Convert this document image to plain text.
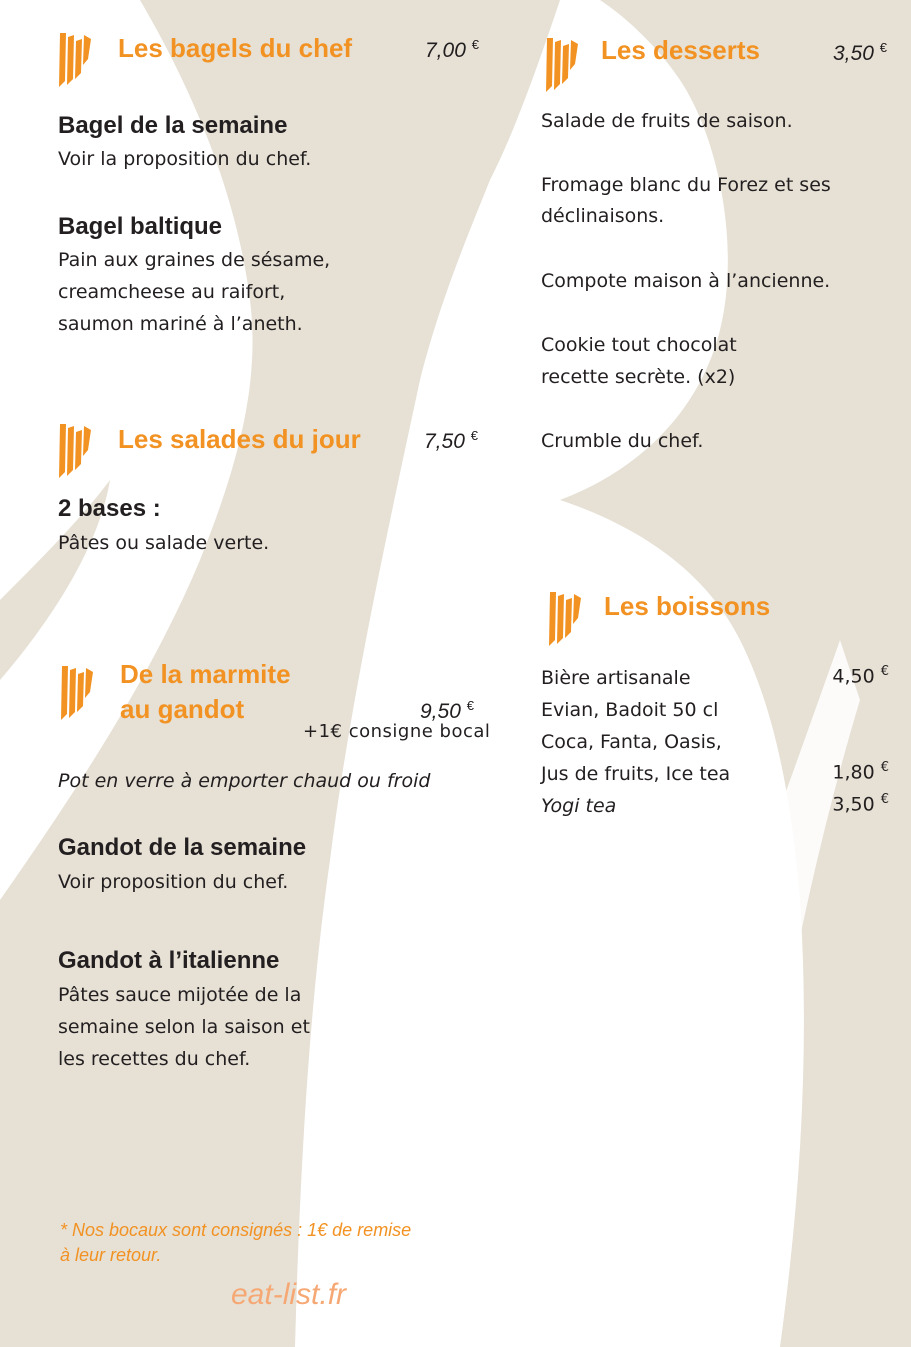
Les bagels du chef	7,00 €
Bagel de la semaine
Voir la proposition du chef.
Bagel baltique
Pain aux graines de sésame,
creamcheese au raifort,
saumon mariné à l’aneth.
Les salades du jour	7,50 €
2 bases :
Pâtes ou salade verte.
De la marmite
au gandot	9,50 €
+1€ consigne bocal
Pot en verre à emporter chaud ou froid
Gandot de la semaine
Voir proposition du chef.
Gandot à l’italienne
Pâtes sauce mijotée de la
semaine selon la saison et
les recettes du chef.
* Nos bocaux sont consignés : 1€ de remise
à leur retour.
eat-list.fr
Les desserts	3,50 €
Salade de fruits de saison.
Fromage blanc du Forez et ses
déclinaisons.
Compote maison à l’ancienne.
Cookie tout chocolat
recette secrète. (x2)
Crumble du chef.
Les boissons
Bière artisanale	4,50 €
Evian, Badoit 50 cl
Coca, Fanta, Oasis,
Jus de fruits, Ice tea	1,80 €
Yogi tea	3,50 €
